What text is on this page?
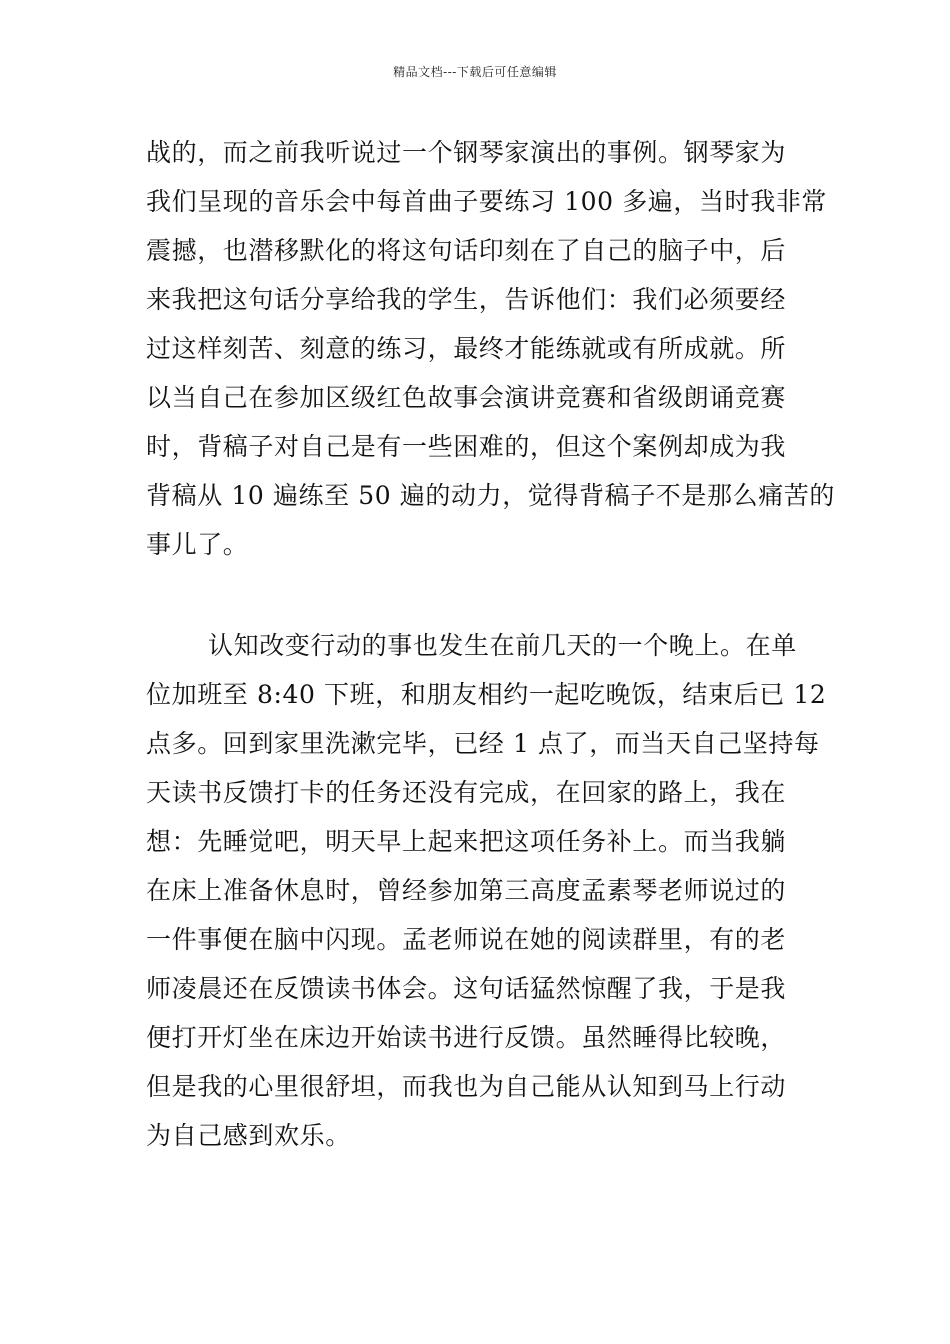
精品文档---下载后可任意编辑
战的，而之前我听说过一个钢琴家演出的事例。钢琴家为
我们呈现的音乐会中每首曲子要练习 100 多遍，当时我非常
震撼，也潜移默化的将这句话印刻在了自己的脑子中，后
来我把这句话分享给我的学生，告诉他们：我们必须要经
过这样刻苦、刻意的练习，最终才能练就或有所成就。所
以当自己在参加区级红色故事会演讲竞赛和省级朗诵竞赛
时，背稿子对自己是有一些困难的，但这个案例却成为我
背稿从 10 遍练至 50 遍的动力，觉得背稿子不是那么痛苦的
事儿了。
认知改变行动的事也发生在前几天的一个晚上。在单
位加班至 8:40 下班，和朋友相约一起吃晚饭，结束后已 12
点多。回到家里洗漱完毕，已经 1 点了，而当天自己坚持每
天读书反馈打卡的任务还没有完成，在回家的路上，我在
想：先睡觉吧，明天早上起来把这项任务补上。而当我躺
在床上准备休息时，曾经参加第三高度孟素琴老师说过的
一件事便在脑中闪现。孟老师说在她的阅读群里，有的老
师凌晨还在反馈读书体会。这句话猛然惊醒了我，于是我
便打开灯坐在床边开始读书进行反馈。虽然睡得比较晚，
但是我的心里很舒坦，而我也为自己能从认知到马上行动
为自己感到欢乐。
